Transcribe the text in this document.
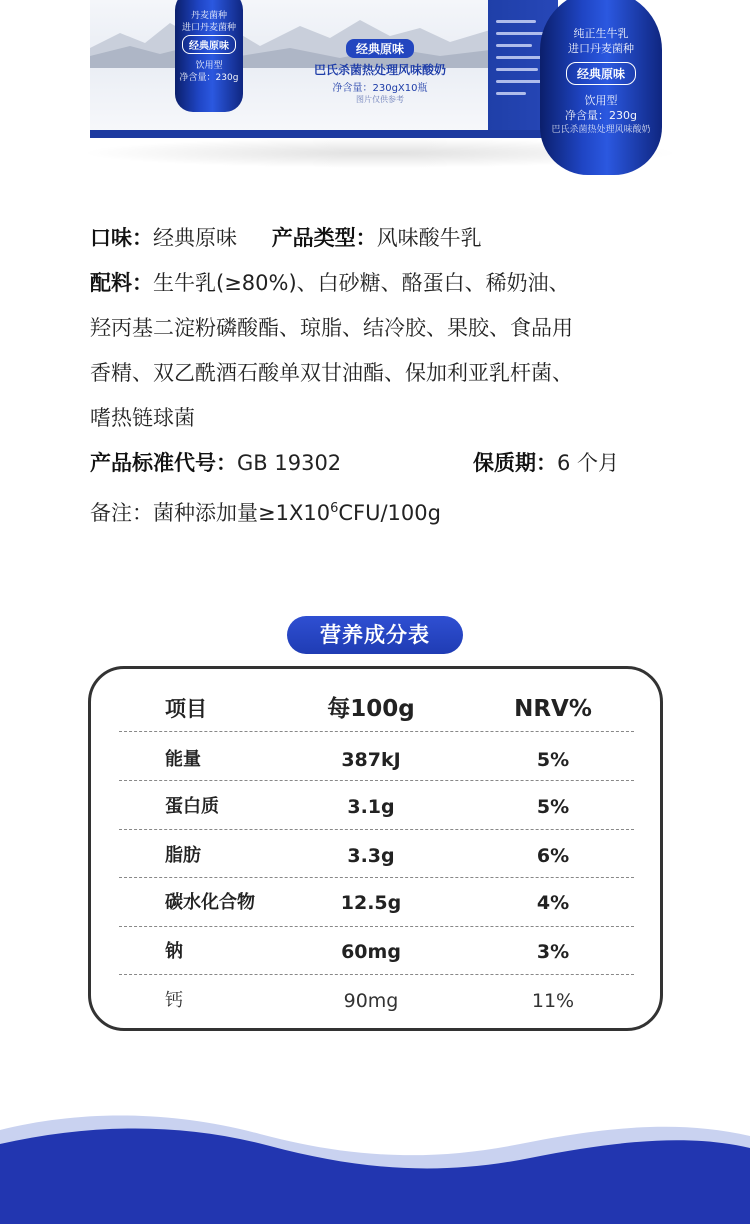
丹麦菌种
进口丹麦菌种
经典原味
饮用型
净含量：230g
经典原味
巴氏杀菌热处理风味酸奶
净含量：230gX10瓶
图片仅供参考
纯正生牛乳
进口丹麦菌种
经典原味
饮用型
净含量：230g
巴氏杀菌热处理风味酸奶
口味：经典原味 产品类型：风味酸牛乳
配料：生牛乳(≥80%)、白砂糖、酪蛋白、稀奶油、
羟丙基二淀粉磷酸酯、琼脂、结冷胶、果胶、食品用
香精、双乙酰酒石酸单双甘油酯、保加利亚乳杆菌、
嗜热链球菌
产品标准代号：GB 19302	保质期：6 个月
备注：菌种添加量$\ge 1X10^6CFU/100g$
营养成分表
项目	每100g	NRV%
能量	387kJ	5%
蛋白质	3.1g	5%
脂肪	3.3g	6%
碳水化合物	12.5g	4%
钠	60mg	3%
钙	90mg	11%
